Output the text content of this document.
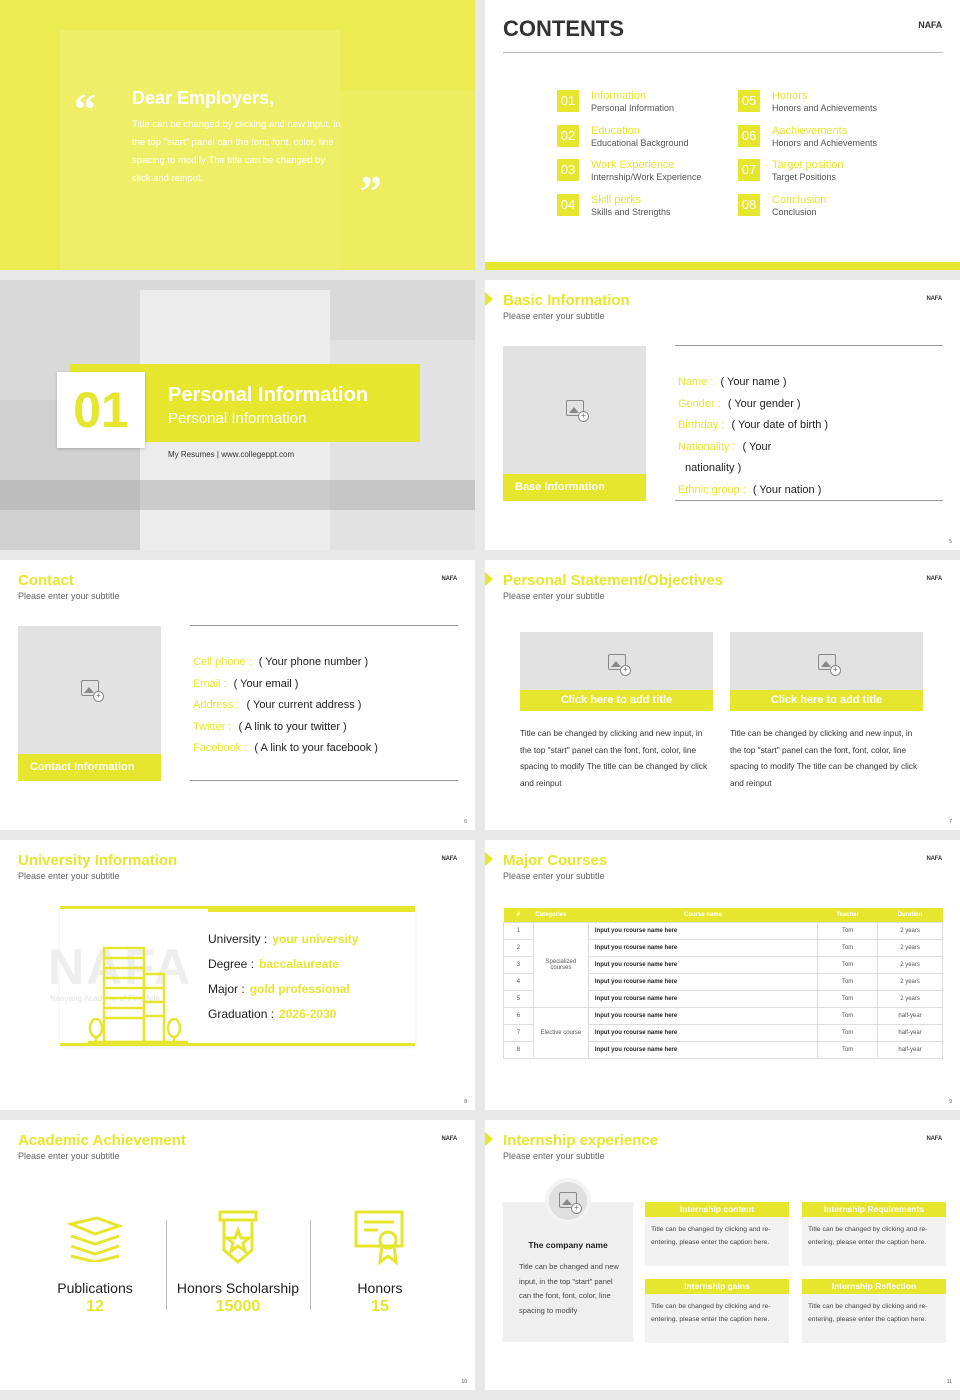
“ Dear Employers,
Title can be changed by clicking and new input, in the top "start" panel can the font, font, color, line spacing to modify The title can be changed by click and reinput.	”
CONTENTS	NAFA
01	Information
Personal Information
02	Education
Educational Background
03	Work Experience
Internship/Work Experience
04	Skill perks
Skills and Strengths
05	Honors
Honors and Achievements
06	Aachievements
Honors and Achievements
07	Target position
Target Positions
08	Conclusion
Conclusion
01	Personal Information
Personal Information
My Resumes | www.collegeppt.com
Basic Information
Please enter your subtitle
NAFA
+
Base Information
Name : ( Your name )
Gender : ( Your gender )
Birthday : ( Your date of birth )
Nationality : ( Your
nationality )
Ethnic group : ( Your nation )
5
Contact
Please enter your subtitle
NAFA
+
Contact Information
Cell phone : ( Your phone number )
Email : ( Your email )
Address : ( Your current address )
Twitter : ( A link to your twitter )
Facebook : ( A link to your facebook )
6
Personal Statement/Objectives
Please enter your subtitle
NAFA
+
Click here to add title
Title can be changed by clicking and new input, in the top "start" panel can the font, font, color, line spacing to modify The title can be changed by click and reinput
+
Click here to add title
Title can be changed by clicking and new input, in the top "start" panel can the font, font, color, line spacing to modify The title can be changed by click and reinput
7
University Information
Please enter your subtitle
NAFA
NAFA
Nanyang Academy of Fine Arts
University : your university
Degree : baccalaureate
Major : gold professional
Graduation : 2026-2030
8
Major Courses
Please enter your subtitle
NAFA
#	Categories	Course name	Teacher	Duration
1	Specialized courses	Input you rcourse name here	Tom	2 years
2		Input you rcourse name here	Tom	2 years
3		Input you rcourse name here	Tom	2 years
4		Input you rcourse name here	Tom	2 years
5		Input you rcourse name here	Tom	2 years
6	Elective course	Input you rcourse name here	Tom	half-year
7		Input you rcourse name here	Tom	half-year
8		Input you rcourse name here	Tom	half-year
9
Academic Achievement
Please enter your subtitle
NAFA
Publications
12
Honors Scholarship
15000
Honors
15
10
Internship experience
Please enter your subtitle
NAFA
+
The company name
Title can be changed and new input, in the top "start" panel can the font, font, color, line spacing to modify
Internship content
Title can be changed by clicking and re-entering, please enter the caption here.
Internship Requirements
Title can be changed by clicking and re-entering, please enter the caption here.
Internship gains
Title can be changed by clicking and re-entering, please enter the caption here.
Internship Reflection
Title can be changed by clicking and re-entering, please enter the caption here.
11
